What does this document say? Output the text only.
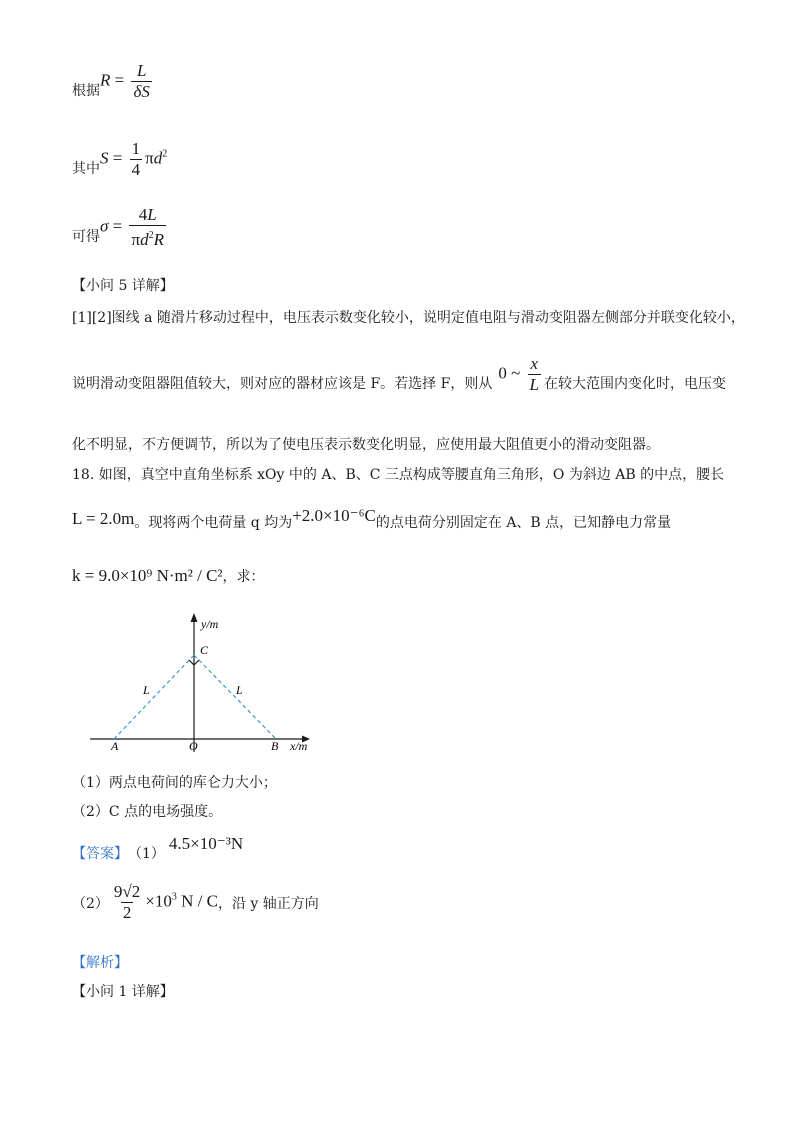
根据
$R = \frac{L}{\delta S}$
其中
$S = \frac{1}{4} \pi d^2$
可得
$\sigma = \frac{4L}{\pi d^2R}$
【小问 5 详解】
[1][2]图线 a 随滑片移动过程中，电压表示数变化较小，说明定值电阻与滑动变阻器左侧部分并联变化较小，
说明滑动变阻器阻值较大，则对应的器材应该是 F。若选择 F，则从
0 ~ $\frac{x}{L}$ 在较大范围内变化时，电压变
化不明显，不方便调节，所以为了使电压表示数变化明显，应使用最大阻值更小的滑动变阻器。
18. 如图，真空中直角坐标系 xOy 中的 A、B、C 三点构成等腰直角三角形，O 为斜边 AB 的中点，腰长
L = 2.0m 。现将两个电荷量 q 均为 +2.0×10⁻⁶C 的点电荷分别固定在 A、B 点，已知静电力常量
k = 9.0×10⁹ N·m² / C² ，求：
y/m
x/m
A	O	B
C
L	L
（1）两点电荷间的库仑力大小；
（2）C 点的电场强度。
【答案】 （1）
4.5×10⁻³N
$(2) \frac{9√2}{2} \times 10^3$ N / C ，沿 y 轴正方向
【解析】
【小问 1 详解】
